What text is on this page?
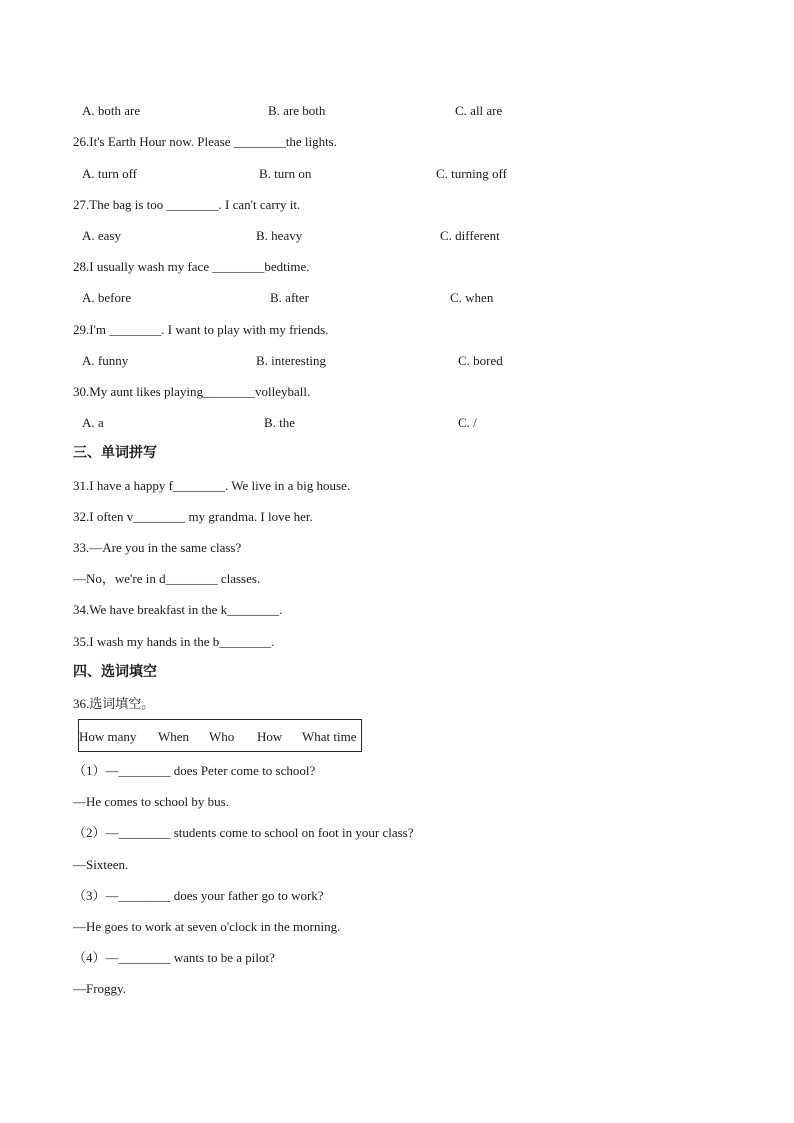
A. both are	B. are both	C. all are
26.It's Earth Hour now. Please ________the lights.
A. turn off	B. turn on	C. turning off
27.The bag is too ________. I can't carry it.
A. easy	B. heavy	C. different
28.I usually wash my face ________bedtime.
A. before	B. after	C. when
29.I'm ________. I want to play with my friends.
A. funny	B. interesting	C. bored
30.My aunt likes playing________volleyball.
A. a	B. the	C. /
三、单词拼写
31.I have a happy f________. We live in a big house.
32.I often v________ my grandma. I love her.
33.—Are you in the same class?
—No，we're in d________ classes.
34.We have breakfast in the k________.
35.I wash my hands in the b________.
四、选词填空
36.选词填空。
How many When Who How What time
（1）—________ does Peter come to school?
—He comes to school by bus.
（2）—________ students come to school on foot in your class?
—Sixteen.
（3）—________ does your father go to work?
—He goes to work at seven o'clock in the morning.
（4）—________ wants to be a pilot?
—Froggy.
